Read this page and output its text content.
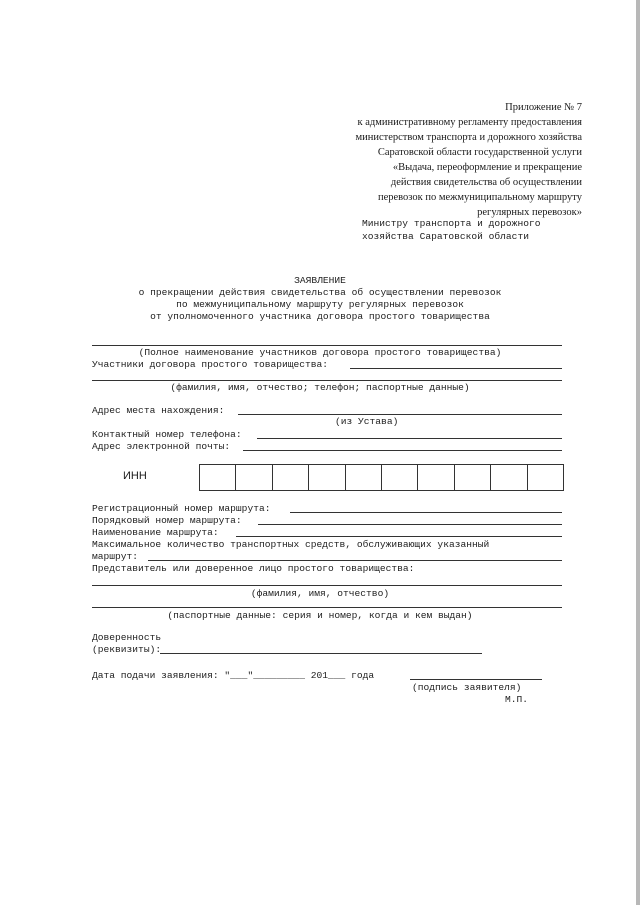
Приложение № 7
к административному регламенту предоставления
министерством транспорта и дорожного хозяйства
Саратовской области государственной услуги
«Выдача, переоформление и прекращение
действия свидетельства об осуществлении
перевозок по межмуниципальному маршруту
регулярных перевозок»
Министру транспорта и дорожного
хозяйства Саратовской области
ЗАЯВЛЕНИЕ
о прекращении действия свидетельства об осуществлении перевозок
по межмуниципальному маршруту регулярных перевозок
от уполномоченного участника договора простого товарищества
(Полное наименование участников договора простого товарищества)
Участники договора простого товарищества:
(фамилия, имя, отчество; телефон; паспортные данные)
Адрес места нахождения:
(из Устава)
Контактный номер телефона:
Адрес электронной почты:
ИНН
Регистрационный номер маршрута:
Порядковый номер маршрута:
Наименование маршрута:
Максимальное количество транспортных средств, обслуживающих указанный
маршрут:
Представитель или доверенное лицо простого товарищества:
(фамилия, имя, отчество)
(паспортные данные: серия и номер, когда и кем выдан)
Доверенность
(реквизиты):
Дата подачи заявления: "___"_________ 201___ года
(подпись заявителя)
М.П.
